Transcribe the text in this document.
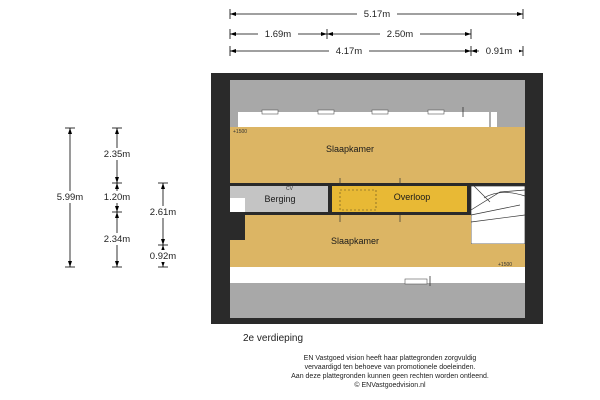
5.17m
1.69m	2.50m
4.17m	0.91m
5.99m
2.35m
1.20m
2.34m
2.61m
0.92m
Slaapkamer
Berging	Overloop
Slaapkamer
CV
+1500
+1500
2e verdieping
EN Vastgoed vision heeft haar plattegronden zorgvuldig
vervaardigd ten behoeve van promotionele doeleinden.
Aan deze plattegronden kunnen geen rechten worden ontleend.
© ENVastgoedvision.nl
